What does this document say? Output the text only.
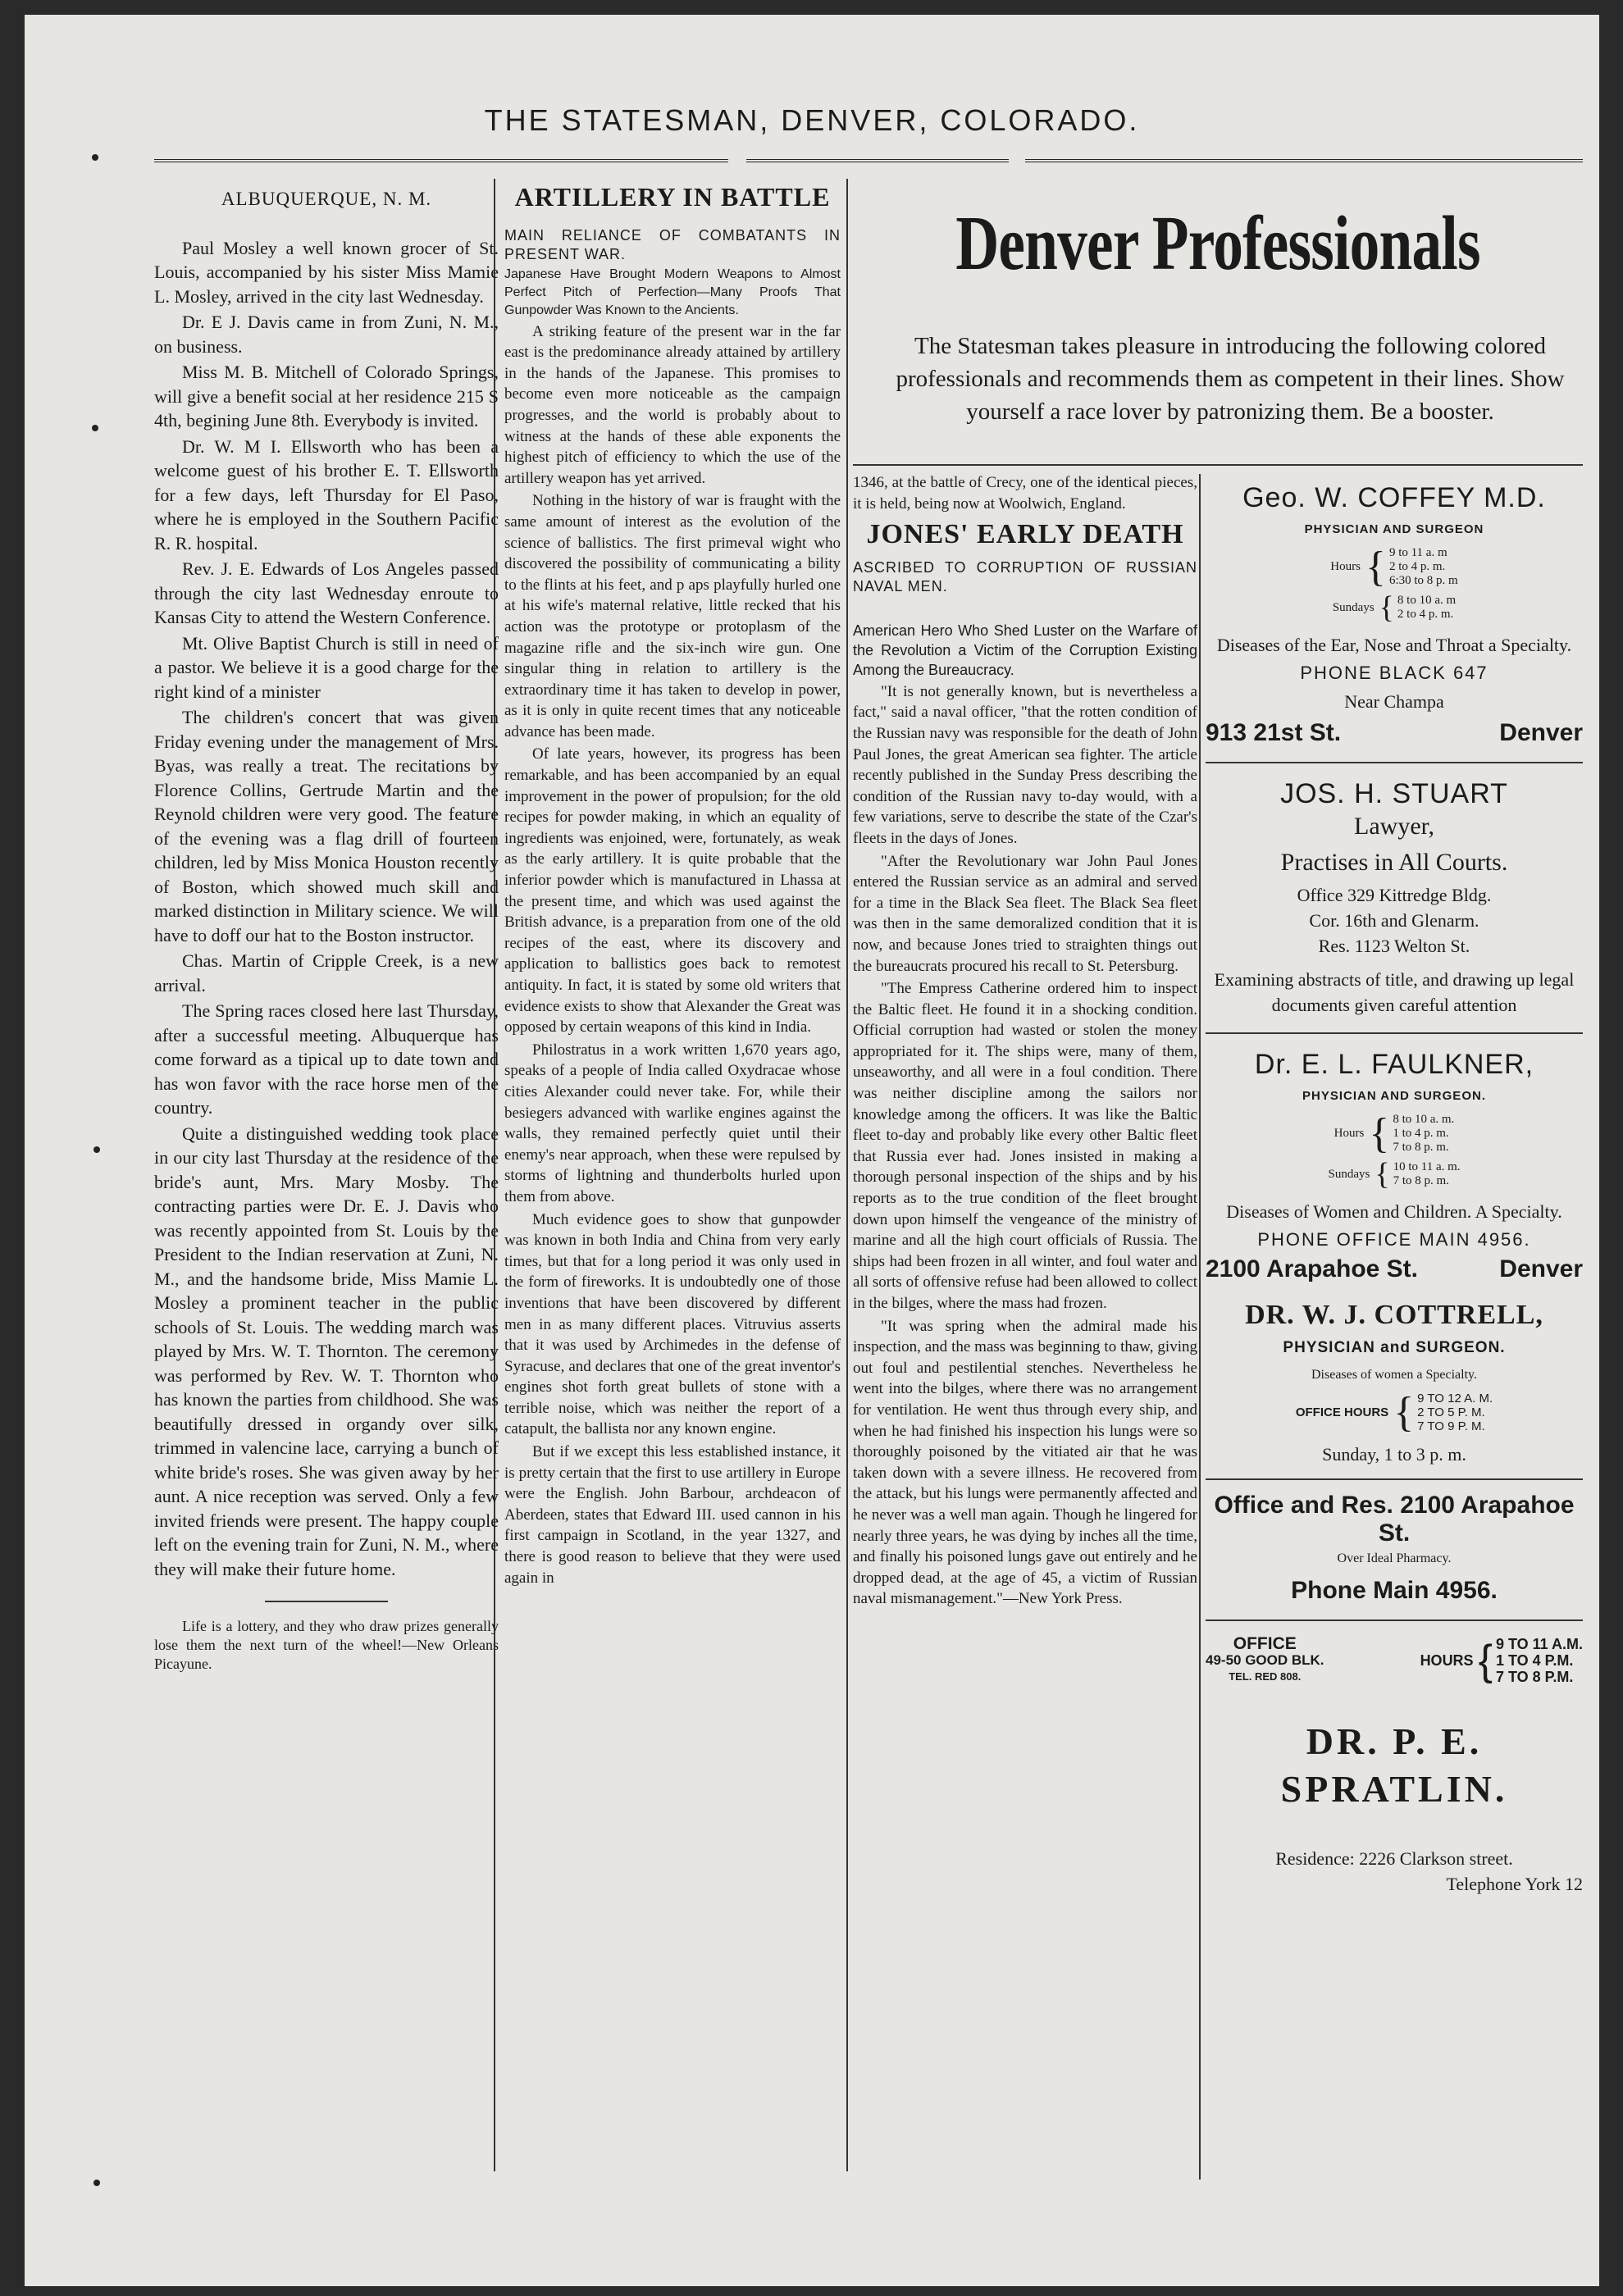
THE STATESMAN, DENVER, COLORADO.

ALBUQUERQUE, N. M.

Paul Mosley a well known grocer of St. Louis, accompanied by his sister Miss Mamie L. Mosley, arrived in the city last Wednesday.

Dr. E J. Davis came in from Zuni, N. M., on business.

Miss M. B. Mitchell of Colorado Springs, will give a benefit social at her residence 215 S 4th, begining June 8th. Everybody is invited.

Dr. W. M I. Ellsworth who has been a welcome guest of his brother E. T. Ellsworth for a few days, left Thursday for El Paso, where he is employed in the Southern Pacific R. R. hospital.

Rev. J. E. Edwards of Los Angeles passed through the city last Wednesday enroute to Kansas City to attend the Western Conference.

Mt. Olive Baptist Church is still in need of a pastor. We believe it is a good charge for the right kind of a minister

The children's concert that was given Friday evening under the management of Mrs. Byas, was really a treat. The recitations by Florence Collins, Gertrude Martin and the Reynold children were very good. The feature of the evening was a flag drill of fourteen children, led by Miss Monica Houston recently of Boston, which showed much skill and marked distinction in Military science. We will have to doff our hat to the Boston instructor.

Chas. Martin of Cripple Creek, is a new arrival.

The Spring races closed here last Thursday, after a successful meeting. Albuquerque has come forward as a tipical up to date town and has won favor with the race horse men of the country.

Quite a distinguished wedding took place in our city last Thursday at the residence of the bride's aunt, Mrs. Mary Mosby. The contracting parties were Dr. E. J. Davis who was recently appointed from St. Louis by the President to the Indian reservation at Zuni, N. M., and the handsome bride, Miss Mamie L. Mosley a prominent teacher in the public schools of St. Louis. The wedding march was played by Mrs. W. T. Thornton. The ceremony was performed by Rev. W. T. Thornton who has known the parties from childhood. She was beautifully dressed in organdy over silk, trimmed in valencine lace, carrying a bunch of white bride's roses. She was given away by her aunt. A nice reception was served. Only a few invited friends were present. The happy couple left on the evening train for Zuni, N. M., where they will make their future home.

Life is a lottery, and they who draw prizes generally lose them the next turn of the wheel!—New Orleans Picayune.

ARTILLERY IN BATTLE

MAIN RELIANCE OF COMBATANTS IN PRESENT WAR.

Japanese Have Brought Modern Weapons to Almost Perfect Pitch of Perfection—Many Proofs That Gunpowder Was Known to the Ancients.

A striking feature of the present war in the far east is the predominance already attained by artillery in the hands of the Japanese. This promises to become even more noticeable as the campaign progresses, and the world is probably about to witness at the hands of these able exponents the highest pitch of efficiency to which the use of the artillery weapon has yet arrived.

Nothing in the history of war is fraught with the same amount of interest as the evolution of the science of ballistics. The first primeval wight who discovered the possibility of communicating a bility to the flints at his feet, and p aps playfully hurled one at his wife's maternal relative, little recked that his action was the prototype or protoplasm of the magazine rifle and the six-inch wire gun. One singular thing in relation to artillery is the extraordinary time it has taken to develop in power, as it is only in quite recent times that any noticeable advance has been made.

Of late years, however, its progress has been remarkable, and has been accompanied by an equal improvement in the power of propulsion; for the old recipes for powder making, in which an equality of ingredients was enjoined, were, fortunately, as weak as the early artillery. It is quite probable that the inferior powder which is manufactured in Lhassa at the present time, and which was used against the British advance, is a preparation from one of the old recipes of the east, where its discovery and application to ballistics goes back to remotest antiquity. In fact, it is stated by some old writers that evidence exists to show that Alexander the Great was opposed by certain weapons of this kind in India.

Philostratus in a work written 1,670 years ago, speaks of a people of India called Oxydracae whose cities Alexander could never take. For, while their besiegers advanced with warlike engines against the walls, they remained perfectly quiet until their enemy's near approach, when these were repulsed by storms of lightning and thunderbolts hurled upon them from above.

Much evidence goes to show that gunpowder was known in both India and China from very early times, but that for a long period it was only used in the form of fireworks. It is undoubtedly one of those inventions that have been discovered by different men in as many different places. Vitruvius asserts that it was used by Archimedes in the defense of Syracuse, and declares that one of the great inventor's engines shot forth great bullets of stone with a terrible noise, which was neither the report of a catapult, the ballista nor any known engine.

But if we except this less established instance, it is pretty certain that the first to use artillery in Europe were the English. John Barbour, archdeacon of Aberdeen, states that Edward III. used cannon in his first campaign in Scotland, in the year 1327, and there is good reason to believe that they were used again in

Denver Professionals
The Statesman takes pleasure in introducing the following colored professionals and recommends them as competent in their lines. Show yourself a race lover by patronizing them. Be a booster.

1346, at the battle of Crecy, one of the identical pieces, it is held, being now at Woolwich, England.

JONES' EARLY DEATH

ASCRIBED TO CORRUPTION OF RUSSIAN NAVAL MEN.

American Hero Who Shed Luster on the Warfare of the Revolution a Victim of the Corruption Existing Among the Bureaucracy.

"It is not generally known, but is nevertheless a fact," said a naval officer, "that the rotten condition of the Russian navy was responsible for the death of John Paul Jones, the great American sea fighter. The article recently published in the Sunday Press describing the condition of the Russian navy to-day would, with a few variations, serve to describe the state of the Czar's fleets in the days of Jones.

"After the Revolutionary war John Paul Jones entered the Russian service as an admiral and served for a time in the Black Sea fleet. The Black Sea fleet was then in the same demoralized condition that it is now, and because Jones tried to straighten things out the bureaucrats procured his recall to St. Petersburg.

"The Empress Catherine ordered him to inspect the Baltic fleet. He found it in a shocking condition. Official corruption had wasted or stolen the money appropriated for it. The ships were, many of them, unseaworthy, and all were in a foul condition. There was neither discipline among the sailors nor knowledge among the officers. It was like the Baltic fleet to-day and probably like every other Baltic fleet that Russia ever had. Jones insisted in making a thorough personal inspection of the ships and by his reports as to the true condition of the fleet brought down upon himself the vengeance of the ministry of marine and all the high court officials of Russia. The ships had been frozen in all winter, and foul water and all sorts of offensive refuse had been allowed to collect in the bilges, where the mass had frozen.

"It was spring when the admiral made his inspection, and the mass was beginning to thaw, giving out foul and pestilential stenches. Nevertheless he went into the bilges, where there was no arrangement for ventilation. He went thus through every ship, and when he had finished his inspection his lungs were so thoroughly poisoned by the vitiated air that he was taken down with a severe illness. He recovered from the attack, but his lungs were permanently affected and he never was a well man again. Though he lingered for nearly three years, he was dying by inches all the time, and finally his poisoned lungs gave out entirely and he dropped dead, at the age of 45, a victim of Russian naval mismanagement."—New York Press.

Geo. W. COFFEY M.D.
PHYSICIAN AND SURGEON
Hours { 9 to 11 a. m
2 to 4 p. m.
6:30 to 8 p. m
Sundays { 8 to 10 a. m
2 to 4 p. m.
Diseases of the Ear, Nose and Throat a Specialty.
PHONE BLACK 647
Near Champa
913 21st St.	Denver
JOS. H. STUART
Lawyer,
Practises in All Courts.
Office 329 Kittredge Bldg.
Cor. 16th and Glenarm.
Res. 1123 Welton St.
Examining abstracts of title, and drawing up legal documents given careful attention
Dr. E. L. FAULKNER,
PHYSICIAN AND SURGEON.
Hours { 8 to 10 a. m.
1 to 4 p. m.
7 to 8 p. m.
Sundays { 10 to 11 a. m.
7 to 8 p. m.
Diseases of Women and Children. A Specialty.
PHONE OFFICE MAIN 4956.
2100 Arapahoe St.	Denver
DR. W. J. COTTRELL,
PHYSICIAN and SURGEON.
Diseases of women a Specialty.
OFFICE HOURS { 9 TO 12 A. M.
2 TO 5 P. M.
7 TO 9 P. M.
Sunday, 1 to 3 p. m.
Office and Res. 2100 Arapahoe St.
Over Ideal Pharmacy.
Phone Main 4956.
OFFICE
49-50 GOOD BLK.
TEL. RED 808.
HOURS { 9 TO 11 A.M.
1 TO 4 P.M.
7 TO 8 P.M.
DR. P. E.
SPRATLIN.
Residence: 2226 Clarkson street.
Telephone York 12
